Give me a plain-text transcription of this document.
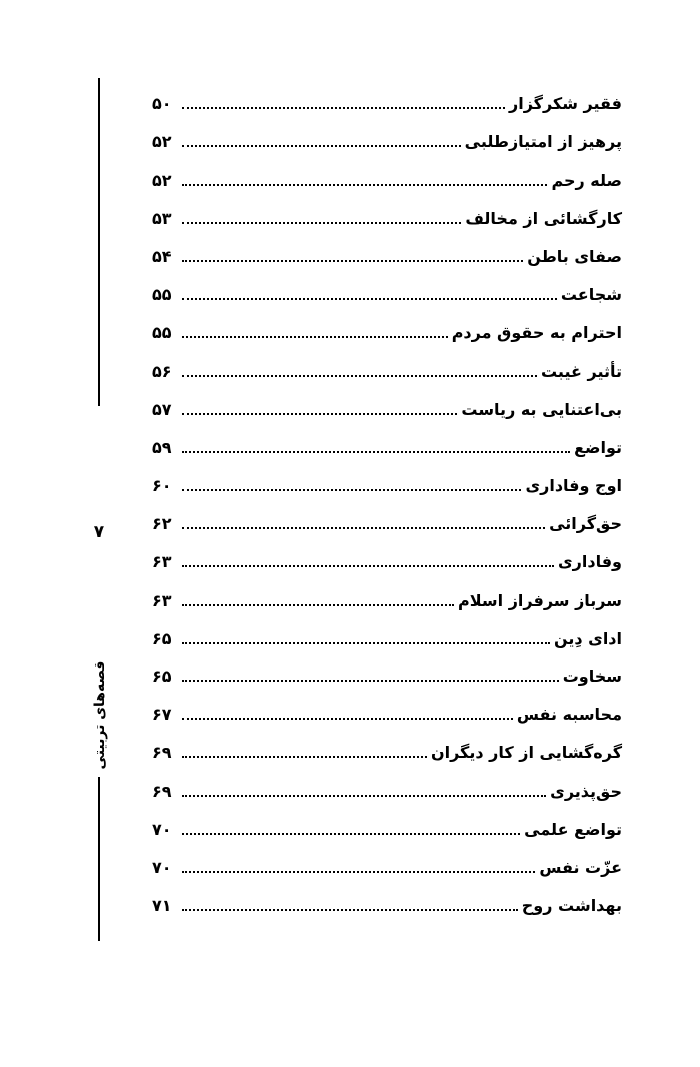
۷
قصه‌های تربیتی
فقیر شکرگزار
۵۰
پرهیز از امتیازطلبی
۵۲
صله رحم
۵۲
کارگشائی از مخالف
۵۳
صفای باطن
۵۴
شجاعت
۵۵
احترام به حقوق مردم
۵۵
تأثیر غیبت
۵۶
بی‌اعتنایی به ریاست
۵۷
تواضع
۵۹
اوج وفاداری
۶۰
حق‌گرائی
۶۲
وفاداری
۶۳
سرباز سرفراز اسلام
۶۳
ادای دِین
۶۵
سخاوت
۶۵
محاسبه نفس
۶۷
گره‌گشایی از کار دیگران
۶۹
حق‌پذیری
۶۹
تواضع علمی
۷۰
عزّت نفس
۷۰
بهداشت روح
۷۱
